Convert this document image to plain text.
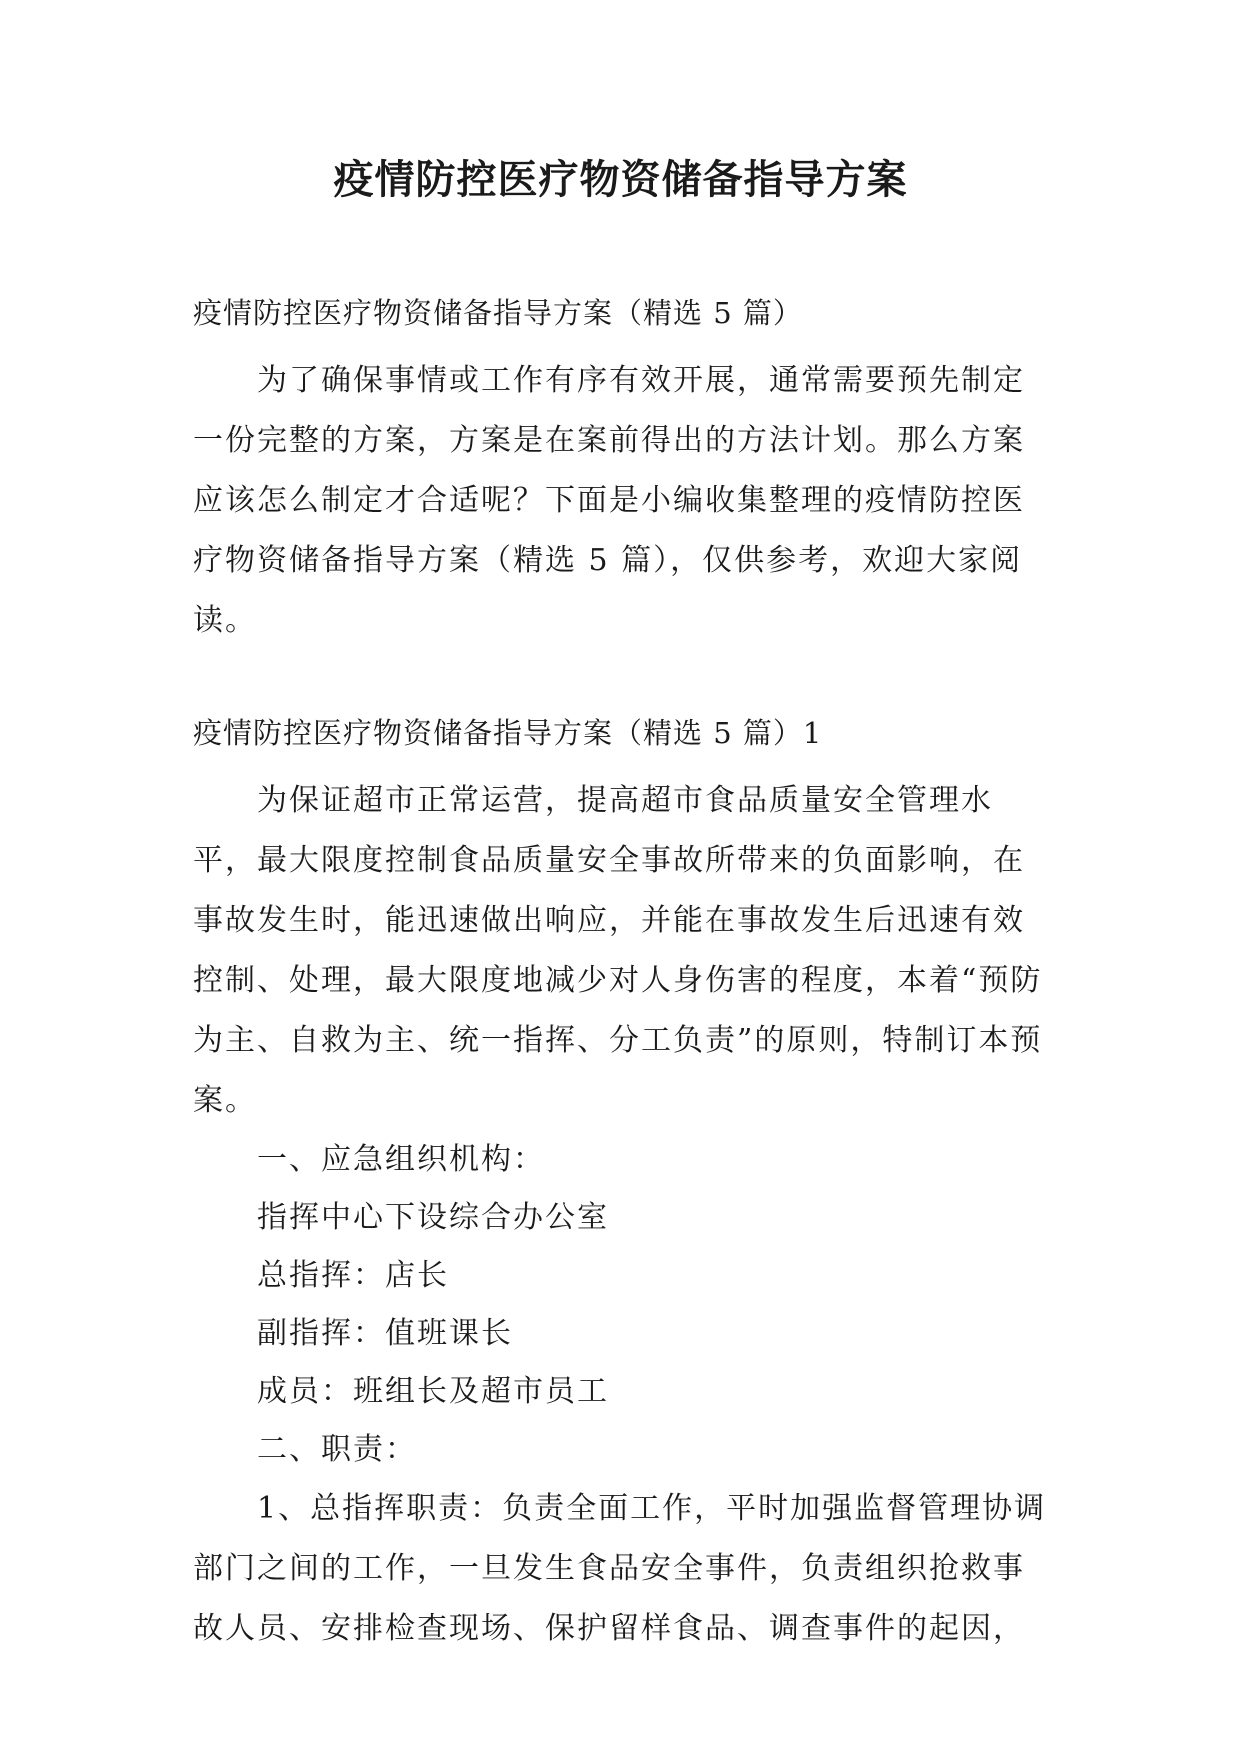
疫情防控医疗物资储备指导方案

疫情防控医疗物资储备指导方案（精选 5 篇）

为了确保事情或工作有序有效开展，通常需要预先制定一份完整的方案，方案是在案前得出的方法计划。那么方案应该怎么制定才合适呢？下面是小编收集整理的疫情防控医疗物资储备指导方案（精选 5 篇），仅供参考，欢迎大家阅读。

疫情防控医疗物资储备指导方案（精选 5 篇）1

为保证超市正常运营，提高超市食品质量安全管理水平，最大限度控制食品质量安全事故所带来的负面影响，在事故发生时，能迅速做出响应，并能在事故发生后迅速有效控制、处理，最大限度地减少对人身伤害的程度，本着“预防为主、自救为主、统一指挥、分工负责”的原则，特制订本预案。

一、应急组织机构：

指挥中心下设综合办公室

总指挥：店长

副指挥：值班课长

成员：班组长及超市员工

二、职责：

1、总指挥职责：负责全面工作，平时加强监督管理协调部门之间的工作，一旦发生食品安全事件，负责组织抢救事故人员、安排检查现场、保护留样食品、调查事件的起因，
